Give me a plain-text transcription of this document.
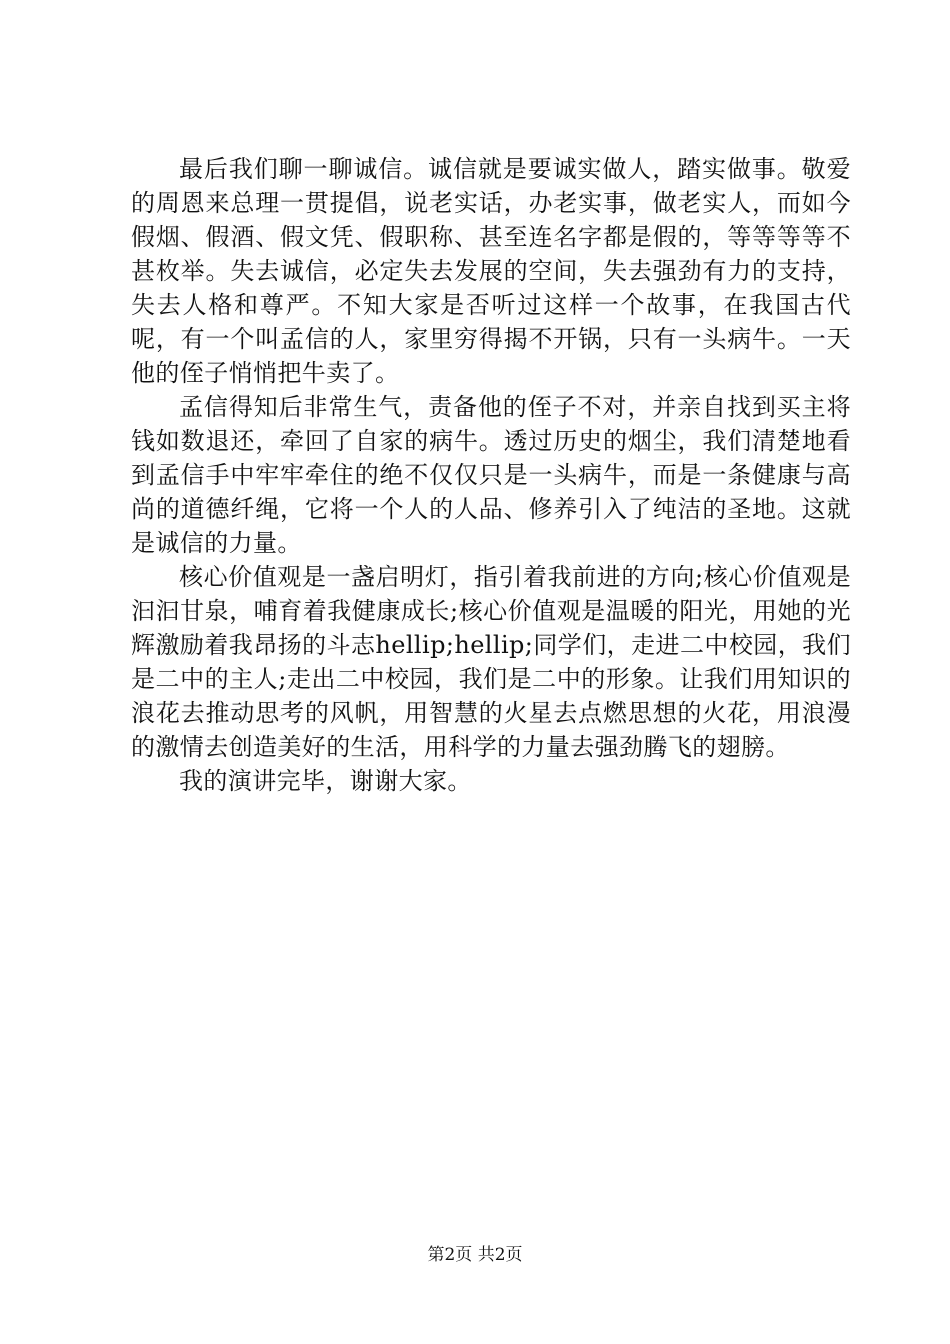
最后我们聊一聊诚信。诚信就是要诚实做人，踏实做事。敬爱的周恩来总理一贯提倡，说老实话，办老实事，做老实人，而如今假烟、假酒、假文凭、假职称、甚至连名字都是假的，等等等等不甚枚举。失去诚信，必定失去发展的空间，失去强劲有力的支持，失去人格和尊严。不知大家是否听过这样一个故事，在我国古代呢，有一个叫孟信的人，家里穷得揭不开锅，只有一头病牛。一天他的侄子悄悄把牛卖了。

孟信得知后非常生气，责备他的侄子不对，并亲自找到买主将钱如数退还，牵回了自家的病牛。透过历史的烟尘，我们清楚地看到孟信手中牢牢牵住的绝不仅仅只是一头病牛，而是一条健康与高尚的道德纤绳，它将一个人的人品、修养引入了纯洁的圣地。这就是诚信的力量。

核心价值观是一盏启明灯，指引着我前进的方向;核心价值观是汩汩甘泉，哺育着我健康成长;核心价值观是温暖的阳光，用她的光辉激励着我昂扬的斗志hellip;hellip;同学们，走进二中校园，我们是二中的主人;走出二中校园，我们是二中的形象。让我们用知识的浪花去推动思考的风帆，用智慧的火星去点燃思想的火花，用浪漫的激情去创造美好的生活，用科学的力量去强劲腾飞的翅膀。

我的演讲完毕，谢谢大家。

第2页 共2页
